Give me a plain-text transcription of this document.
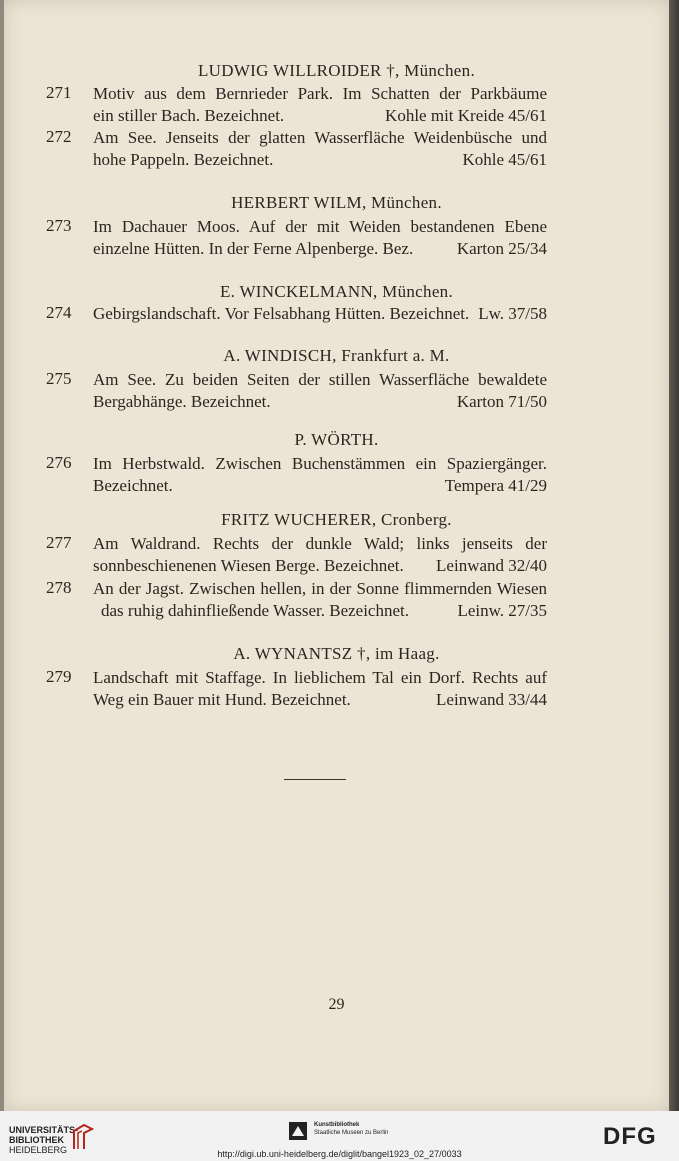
LUDWIG WILLROIDER †, München.
271	Motiv aus dem Bernrieder Park. Im Schatten der Parkbäume
ein stiller Bach. Bezeichnet.	Kohle mit Kreide 45/61
272	Am See. Jenseits der glatten Wasserfläche Weidenbüsche und
hohe Pappeln. Bezeichnet.	Kohle 45/61
HERBERT WILM, München.
273	Im Dachauer Moos. Auf der mit Weiden bestandenen Ebene
einzelne Hütten. In der Ferne Alpenberge. Bez.	Karton 25/34
E. WINCKELMANN, München.
274	Gebirgslandschaft. Vor Felsabhang Hütten. Bezeichnet. Lw. 37/58
A. WINDISCH, Frankfurt a. M.
275	Am See. Zu beiden Seiten der stillen Wasserfläche bewaldete
Bergabhänge. Bezeichnet.	Karton 71/50
P. WÖRTH.
276	Im Herbstwald. Zwischen Buchenstämmen ein Spaziergänger.
Bezeichnet.	Tempera 41/29
FRITZ WUCHERER, Cronberg.
277	Am Waldrand. Rechts der dunkle Wald; links jenseits der
sonnbeschienenen Wiesen Berge. Bezeichnet. Leinwand 32/40
278	An der Jagst. Zwischen hellen, in der Sonne flimmernden Wiesen
das ruhig dahinfließende Wasser. Bezeichnet.	Leinw. 27/35
A. WYNANTSZ †, im Haag.
279	Landschaft mit Staffage. In lieblichem Tal ein Dorf. Rechts auf
Weg ein Bauer mit Hund. Bezeichnet.	Leinwand 33/44
29
UNIVERSITÄTS-
BIBLIOTHEK
HEIDELBERG
Kunstbibliothek
Staatliche Museen zu Berlin	DFG
http://digi.ub.uni-heidelberg.de/diglit/bangel1923_02_27/0033
